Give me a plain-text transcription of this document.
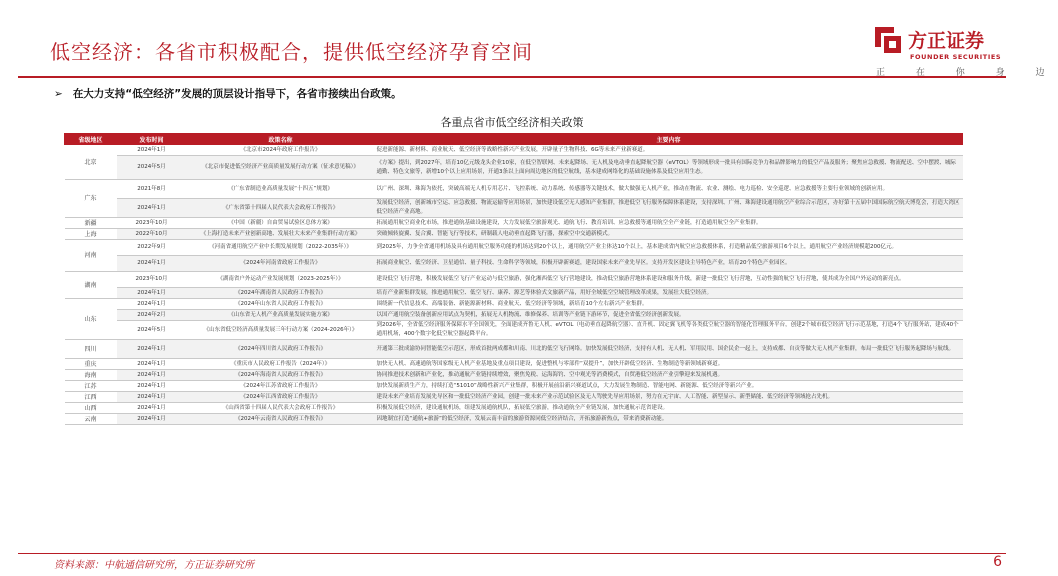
低空经济：各省市积极配合，提供低空经济孕育空间	方正证券
FOUNDER SECURITIES
正 在 你 身 边
➢ 在大力支持“低空经济”发展的顶层设计指导下，各省市接续出台政策。
各重点省市低空经济相关政策
省级地区	发布时间	政策名称	主要内容
北京	2024年1月	《北京市2024年政府工作报告》	促进新能源、新材料、商业航天、低空经济等战略性新兴产业发展，开辟量子生物科技、6G等未来产业新赛道。
	2024年5月	《北京市促进低空经济产业高质量发展行动方案（征求意见稿）》	《方案》提出，到2027年，培育10亿元级龙头企业10家，在低空智联网、未来起降场、无人机及电动垂直起降航空器（eVTOL）等领域形成一批具有国际竞争力和品牌影响力的低空产品及服务；聚焦应急救援、物流配送、空中摆渡、城际通勤、特色文旅等，新增10个以上应用场景，开通3条以上面向周边地区的低空航线，基本建成网络化的基础设施体系及低空应用生态。
广东	2021年8月	《广东省制造业高质量发展“十四五”规划》	以广州、深圳、珠海为依托，突破高端无人机专用芯片、飞控系统、动力系统、传感器等关键技术，做大做强无人机产业，推动在物流、农业、测绘、电力巡检、安全巡逻、应急救援等主要行业领域的创新应用。
	2024年1月	《广东省第十四届人民代表大会政府工作报告》	发展低空经济，创新城市空运、应急救援、物流运输等应用场景，加快建设低空无人感知产业集群，推进低空飞行服务保障体系建设，支持深圳、广州、珠海建设通用航空产业综合示范区，办好第十五届中国国际航空航天博览会，打造大湾区低空经济产业高地。
新疆	2023年10月	《中国（新疆）自由贸易试验区总体方案》	拓展通用航空商业化市场，推进通航基础设施建设，大力发展低空旅游观光、通航飞行、教育培训、应急救援等通用航空全产业链，打造通用航空全产业集群。
上海	2022年10月	《上海打造未来产业创新高地、发展壮大未来产业集群行动方案》	突破倾转旋翼、复合翼、智能飞行等技术，研制载人电动垂直起降飞行器，探索空中交通新模式。
河南	2022年9月	《河南省通用航空产业中长期发展规划（2022-2035年）》	到2025年，力争全省通用机场及具有通用航空服务功能的机场达到20个以上，通用航空产业主体达10个以上，基本建成省内航空应急救援体系，打造精品低空旅游项目6个以上，通用航空产业经济规模超200亿元。
	2024年1月	《2024年河南省政府工作报告》	拓展商业航空、低空经济、卫星通信、量子科技、生命科学等领域，积极开辟新赛道，建设国家未来产业先导区。支持开发区建设主导特色产业，培育20个特色产业园区。
湖南	2023年10月	《湖南省户外运动产业发展规划（2023-2025年）》	建设低空飞行营地，积极发展低空飞行产业运动与低空旅游，强化湘西低空飞行营地建设，推动低空旅游营地体系建设和服务升级，新建一批低空飞行营地，互动性强的航空飞行营地，使其成为全国户外运动的新亮点。
	2024年1月	《2024年湖南省人民政府工作报告》	培育产业新集群发展，推进通用航空、低空飞行、康养、源艺等体验式文旅新产品，用好全域低空空域管理改革成果，发展壮大低空经济。
山东	2024年1月	《2024年山东省人民政府工作报告》	围绕新一代信息技术、高端装备、新能源新材料、商业航天、低空经济等领域，新培育10个左右新兴产业集群。
	2024年2月	《山东省无人机产业高质量发展实施方案》	以国产通用航空装备创新应用试点为契机，拓展无人机物流、维修保养、培训等产业链下游环节，促进全省低空经济创新发展。
	2024年5月	《山东省低空经济高质量发展三年行动方案（2024-2026年）》	到2026年，全省低空经济服务保障水平全国领先，全面建成齐鲁无人机、eVTOL（电动垂直起降航空器）、直升机、固定翼飞机等各类低空航空器的智能化管理服务平台，创建2个城市低空经济飞行示范基地，打造4个飞行服务站，建成40个通用机场，400个数字化低空航空器起降平台。
四川	2024年1月	《2024年四川省人民政府工作报告》	开通第三批成渝协同智能低空示范区，形成首批两成都和川南、川北的低空飞行网络。加快发展低空经济，支持有人机、无人机、军用民用、国企民企一起上，支持成都、自贡等做大无人机产业集群，布局一批低空飞行服务起降场与航线。
重庆	2024年1月	《重庆市人民政府工作报告（2024年）》	加快无人机、高速通航等国家级无人机产业基地及重点项目建设，促进整机与零部件“双提升”，加快开辟低空经济、生物制造等新领域新赛道。
海南	2024年1月	《2024年海南省人民政府工作报告》	协同推进技术创新和产业化，推动通航产业链持续增效，聚焦免税、运海海钓、空中观光等消费模式，自贸港低空经济产业引擎迎来发展机遇。
江苏	2024年1月	《2024年江苏省政府工作报告》	加快发展新质生产力，持续打造“51010”战略性新兴产业集群，积极开展前沿新兴赛道试点，大力发展生物制造、智能电网、新能源、低空经济等新兴产业。
江西	2024年1月	《2024年江西省政府工作报告》	建设未来产业培育发展先导区和一批低空经济产业园，创建一批未来产业示范试验区及无人驾驶先导应用场景，努力在元宇宙、人工智能、新型显示、新型储能、低空经济等领域抢占先机。
山西	2024年1月	《山西省第十四届人民代表大会政府工作报告》	积极发展低空经济，建设通航机场，组建发展通航机队，拓展低空旅游，推动通航全产业链发展，加快通航示范省建设。
云南	2024年1月	《2024年云南省人民政府工作报告》	因地制宜打造“通航+旅游”的低空经济，发展云南丰富的旅游资源同低空经济结合，开拓旅游新热点，带来消费新动能。
资料来源：中航通信研究所，方正证券研究所	6
